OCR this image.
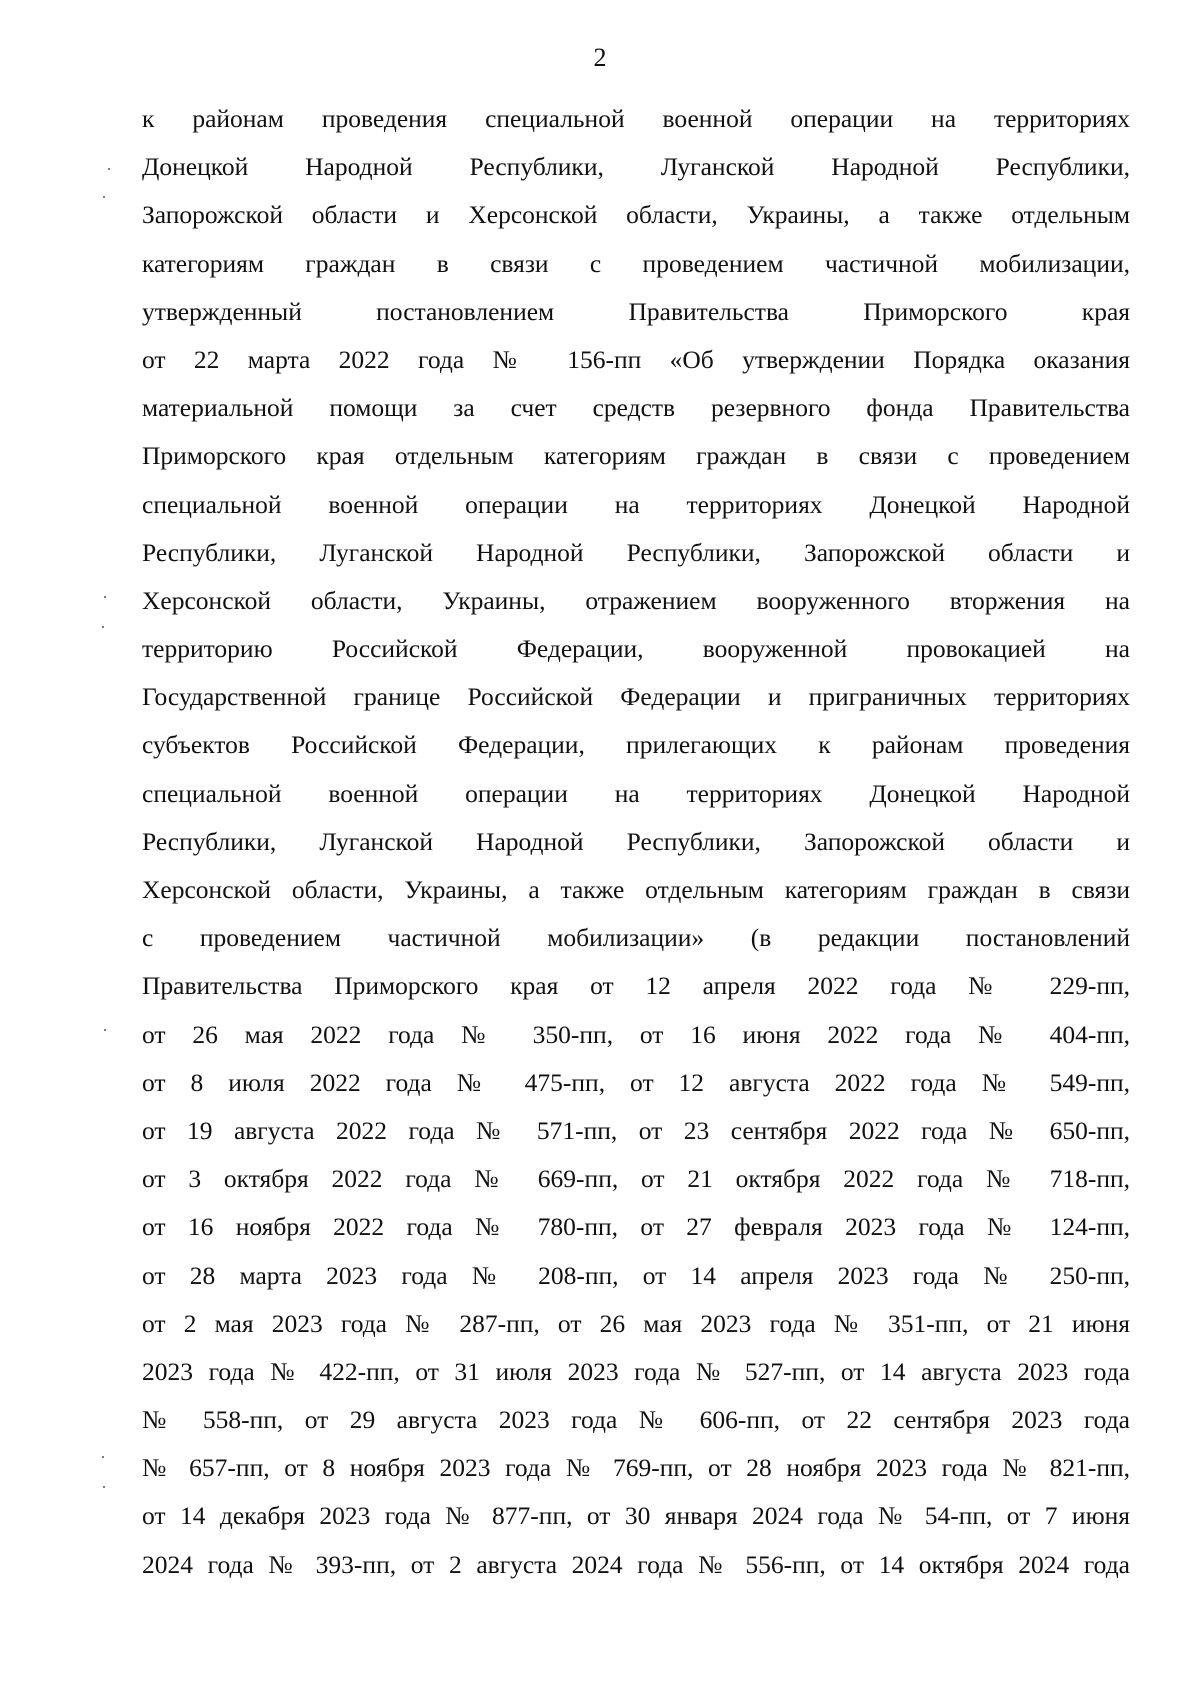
2
к районам проведения специальной военной операции на территориях
Донецкой Народной Республики, Луганской Народной Республики,
Запорожской области и Херсонской области, Украины, а также отдельным
категориям граждан в связи с проведением частичной мобилизации,
утвержденный постановлением Правительства Приморского края
от 22 марта 2022 года № 156-пп «Об утверждении Порядка оказания
материальной помощи за счет средств резервного фонда Правительства
Приморского края отдельным категориям граждан в связи с проведением
специальной военной операции на территориях Донецкой Народной
Республики, Луганской Народной Республики, Запорожской области и
Херсонской области, Украины, отражением вооруженного вторжения на
территорию Российской Федерации, вооруженной провокацией на
Государственной границе Российской Федерации и приграничных территориях
субъектов Российской Федерации, прилегающих к районам проведения
специальной военной операции на территориях Донецкой Народной
Республики, Луганской Народной Республики, Запорожской области и
Херсонской области, Украины, а также отдельным категориям граждан в связи
с проведением частичной мобилизации» (в редакции постановлений
Правительства Приморского края от 12 апреля 2022 года № 229-пп,
от 26 мая 2022 года № 350-пп, от 16 июня 2022 года № 404-пп,
от 8 июля 2022 года № 475-пп, от 12 августа 2022 года № 549-пп,
от 19 августа 2022 года № 571-пп, от 23 сентября 2022 года № 650-пп,
от 3 октября 2022 года № 669-пп, от 21 октября 2022 года № 718-пп,
от 16 ноября 2022 года № 780-пп, от 27 февраля 2023 года № 124-пп,
от 28 марта 2023 года № 208-пп, от 14 апреля 2023 года № 250-пп,
от 2 мая 2023 года № 287-пп, от 26 мая 2023 года № 351-пп, от 21 июня
2023 года № 422-пп, от 31 июля 2023 года № 527-пп, от 14 августа 2023 года
№ 558-пп, от 29 августа 2023 года № 606-пп, от 22 сентября 2023 года
№ 657-пп, от 8 ноября 2023 года № 769-пп, от 28 ноября 2023 года № 821-пп,
от 14 декабря 2023 года № 877-пп, от 30 января 2024 года № 54-пп, от 7 июня
2024 года № 393-пп, от 2 августа 2024 года № 556-пп, от 14 октября 2024 года
